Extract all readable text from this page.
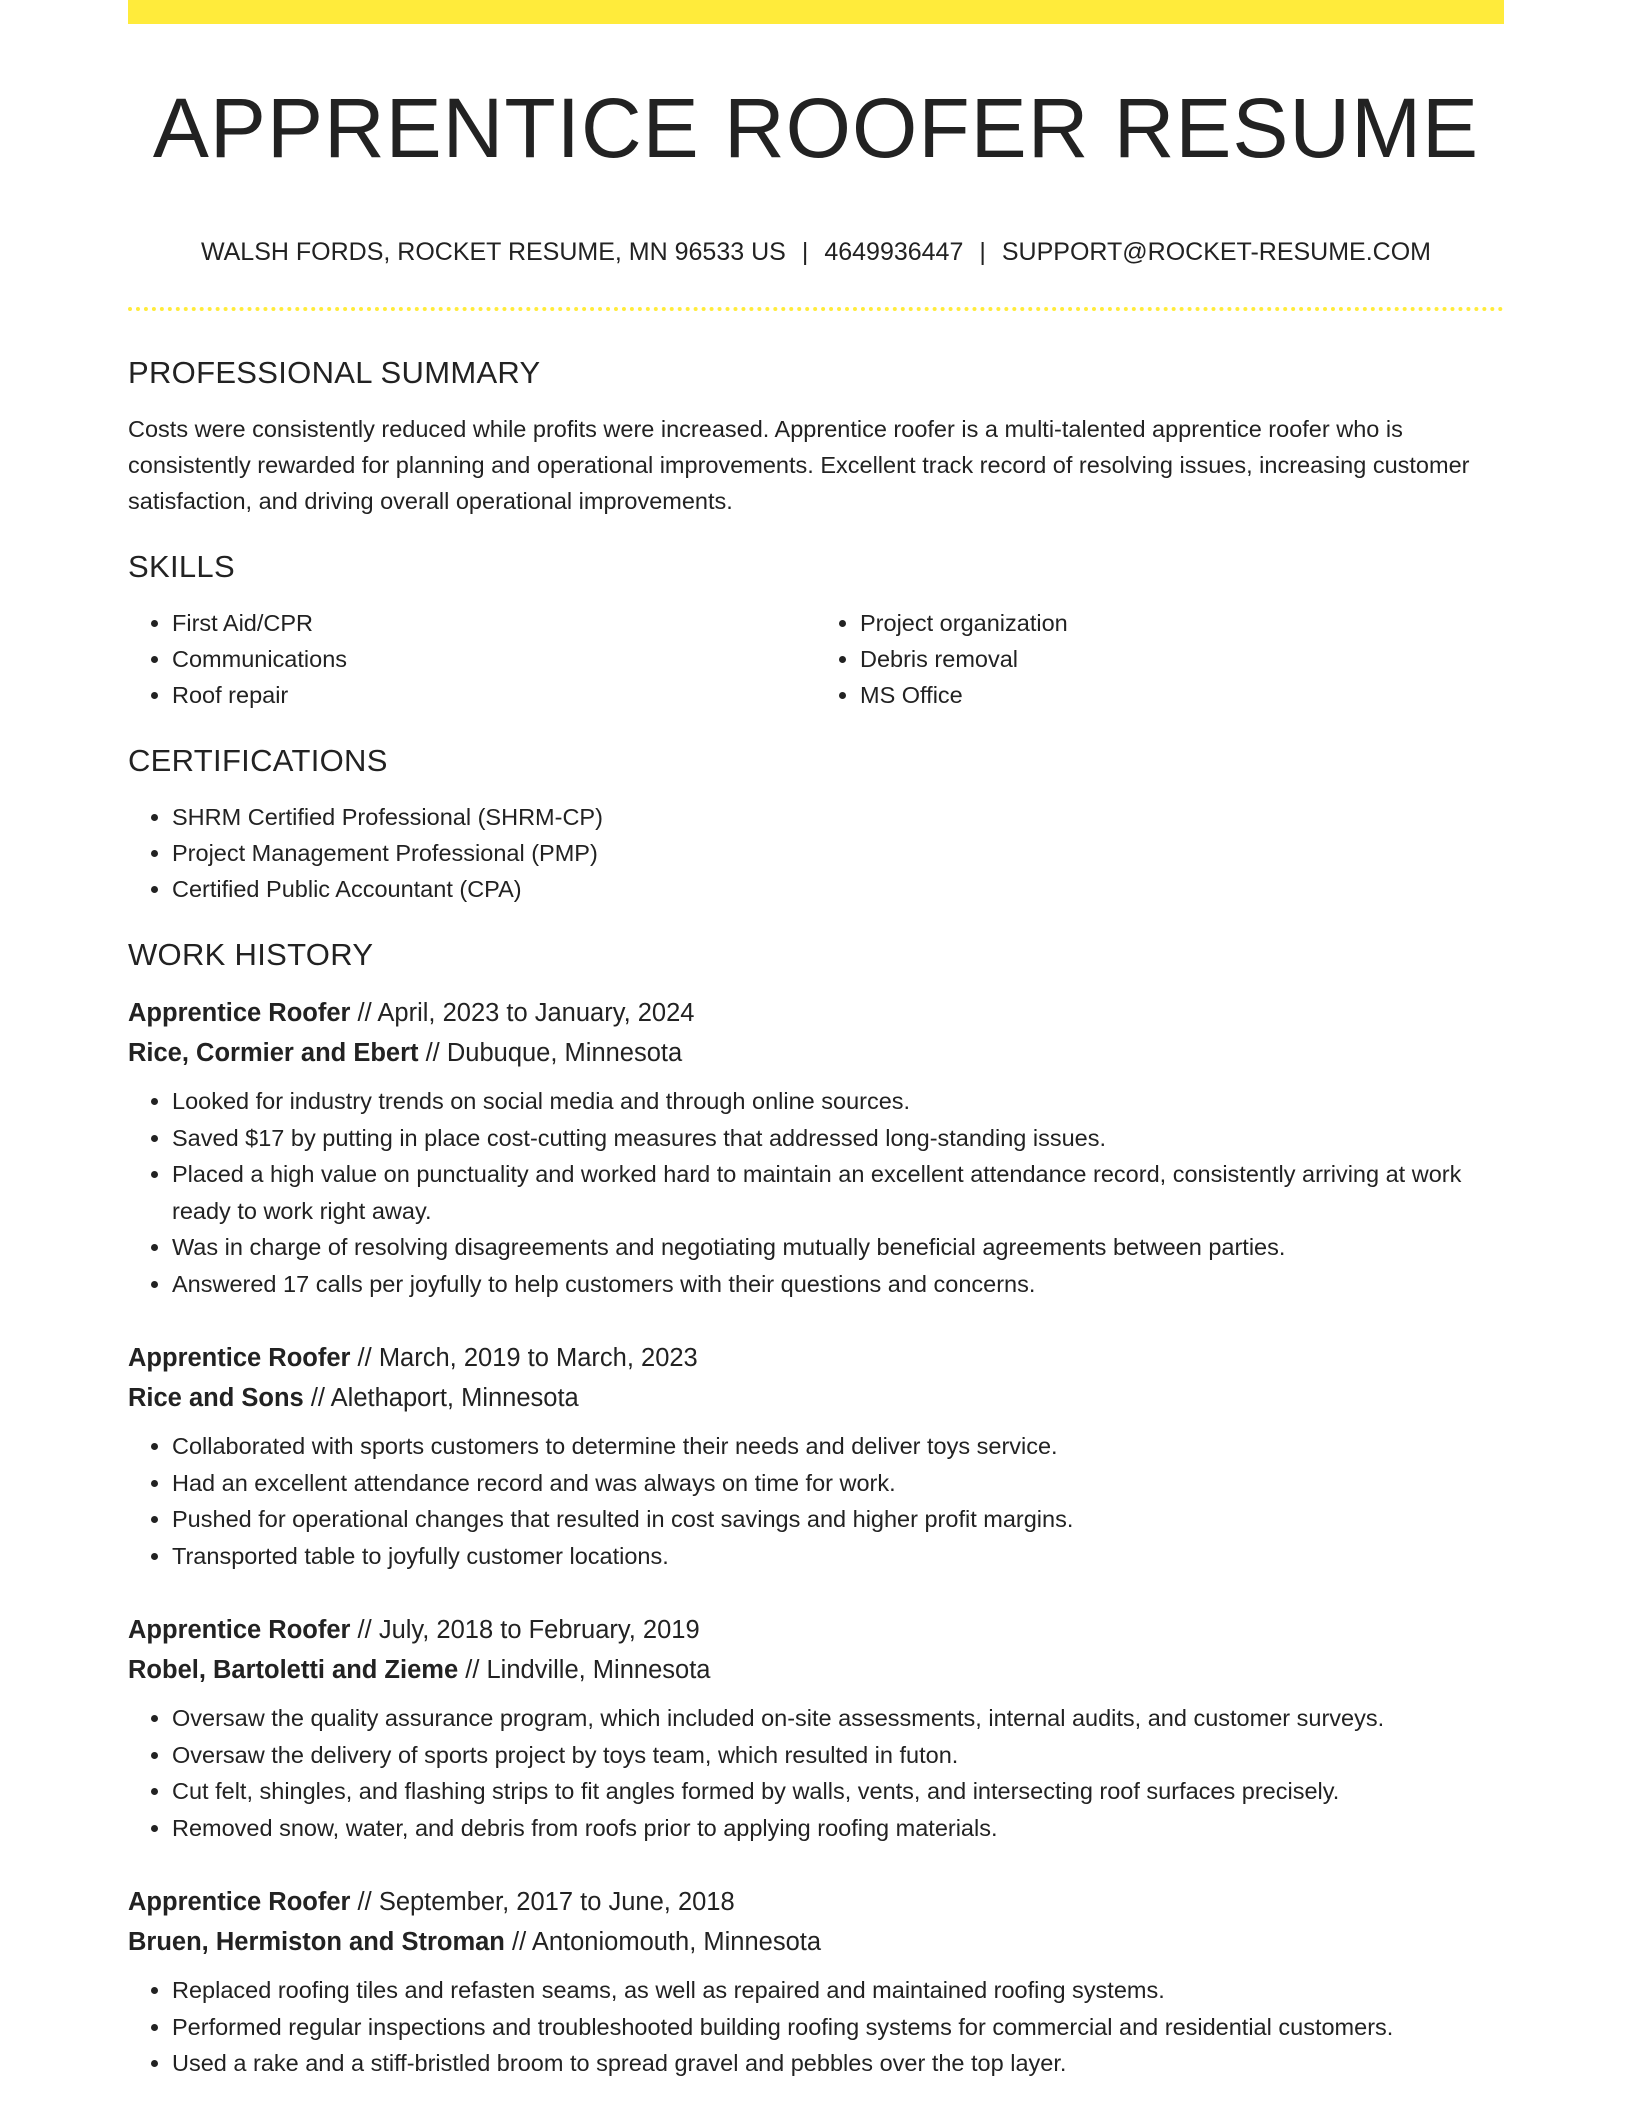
APPRENTICE ROOFER RESUME
WALSH FORDS, ROCKET RESUME, MN 96533 US | 4649936447 | SUPPORT@ROCKET-RESUME.COM
PROFESSIONAL SUMMARY

Costs were consistently reduced while profits were increased. Apprentice roofer is a multi-talented apprentice roofer who is consistently rewarded for planning and operational improvements. Excellent track record of resolving issues, increasing customer satisfaction, and driving overall operational improvements.

SKILLS
• First Aid/CPR
• Communications
• Roof repair
• Project organization
• Debris removal
• MS Office
CERTIFICATIONS
• SHRM Certified Professional (SHRM-CP)
• Project Management Professional (PMP)
• Certified Public Accountant (CPA)
WORK HISTORY
Apprentice Roofer // April, 2023 to January, 2024
Rice, Cormier and Ebert // Dubuque, Minnesota
• Looked for industry trends on social media and through online sources.
• Saved $17 by putting in place cost-cutting measures that addressed long-standing issues.
• Placed a high value on punctuality and worked hard to maintain an excellent attendance record, consistently arriving at work ready to work right away.
• Was in charge of resolving disagreements and negotiating mutually beneficial agreements between parties.
• Answered 17 calls per joyfully to help customers with their questions and concerns.
Apprentice Roofer // March, 2019 to March, 2023
Rice and Sons // Alethaport, Minnesota
• Collaborated with sports customers to determine their needs and deliver toys service.
• Had an excellent attendance record and was always on time for work.
• Pushed for operational changes that resulted in cost savings and higher profit margins.
• Transported table to joyfully customer locations.
Apprentice Roofer // July, 2018 to February, 2019
Robel, Bartoletti and Zieme // Lindville, Minnesota
• Oversaw the quality assurance program, which included on-site assessments, internal audits, and customer surveys.
• Oversaw the delivery of sports project by toys team, which resulted in futon.
• Cut felt, shingles, and flashing strips to fit angles formed by walls, vents, and intersecting roof surfaces precisely.
• Removed snow, water, and debris from roofs prior to applying roofing materials.
Apprentice Roofer // September, 2017 to June, 2018
Bruen, Hermiston and Stroman // Antoniomouth, Minnesota
• Replaced roofing tiles and refasten seams, as well as repaired and maintained roofing systems.
• Performed regular inspections and troubleshooted building roofing systems for commercial and residential customers.
• Used a rake and a stiff-bristled broom to spread gravel and pebbles over the top layer.
